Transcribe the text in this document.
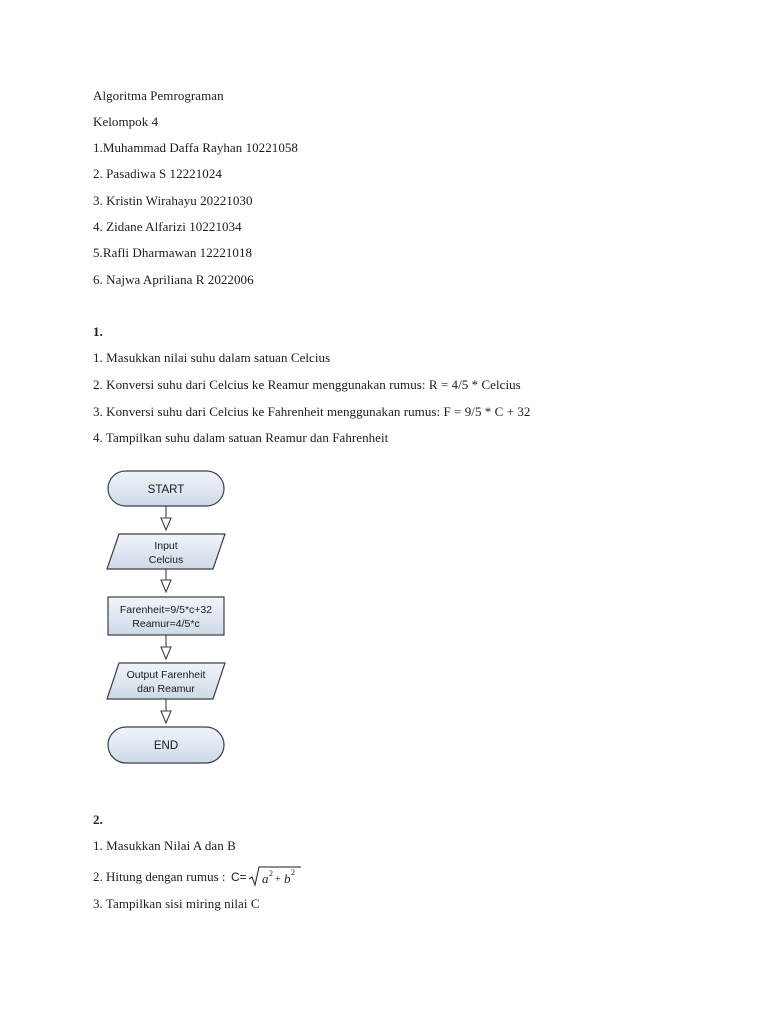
Algoritma Pemrograman
Kelompok 4
1.Muhammad Daffa Rayhan 10221058
2. Pasadiwa S 12221024
3. Kristin Wirahayu 20221030
4. Zidane Alfarizi 10221034
5.Rafli Dharmawan 12221018
6. Najwa Apriliana R 2022006
1.
1. Masukkan nilai suhu dalam satuan Celcius
2. Konversi suhu dari Celcius ke Reamur menggunakan rumus: R = 4/5 * Celcius
3. Konversi suhu dari Celcius ke Fahrenheit menggunakan rumus: F = 9/5 * C + 32
4. Tampilkan suhu dalam satuan Reamur dan Fahrenheit
START
Input
Celcius
Farenheit=9/5*c+32
Reamur=4/5*c
Output Farenheit
dan Reamur
END
2.
1. Masukkan Nilai A dan B
2. Hitung dengan rumus : C= a 2
+ b 2
3. Tampilkan sisi miring nilai C
